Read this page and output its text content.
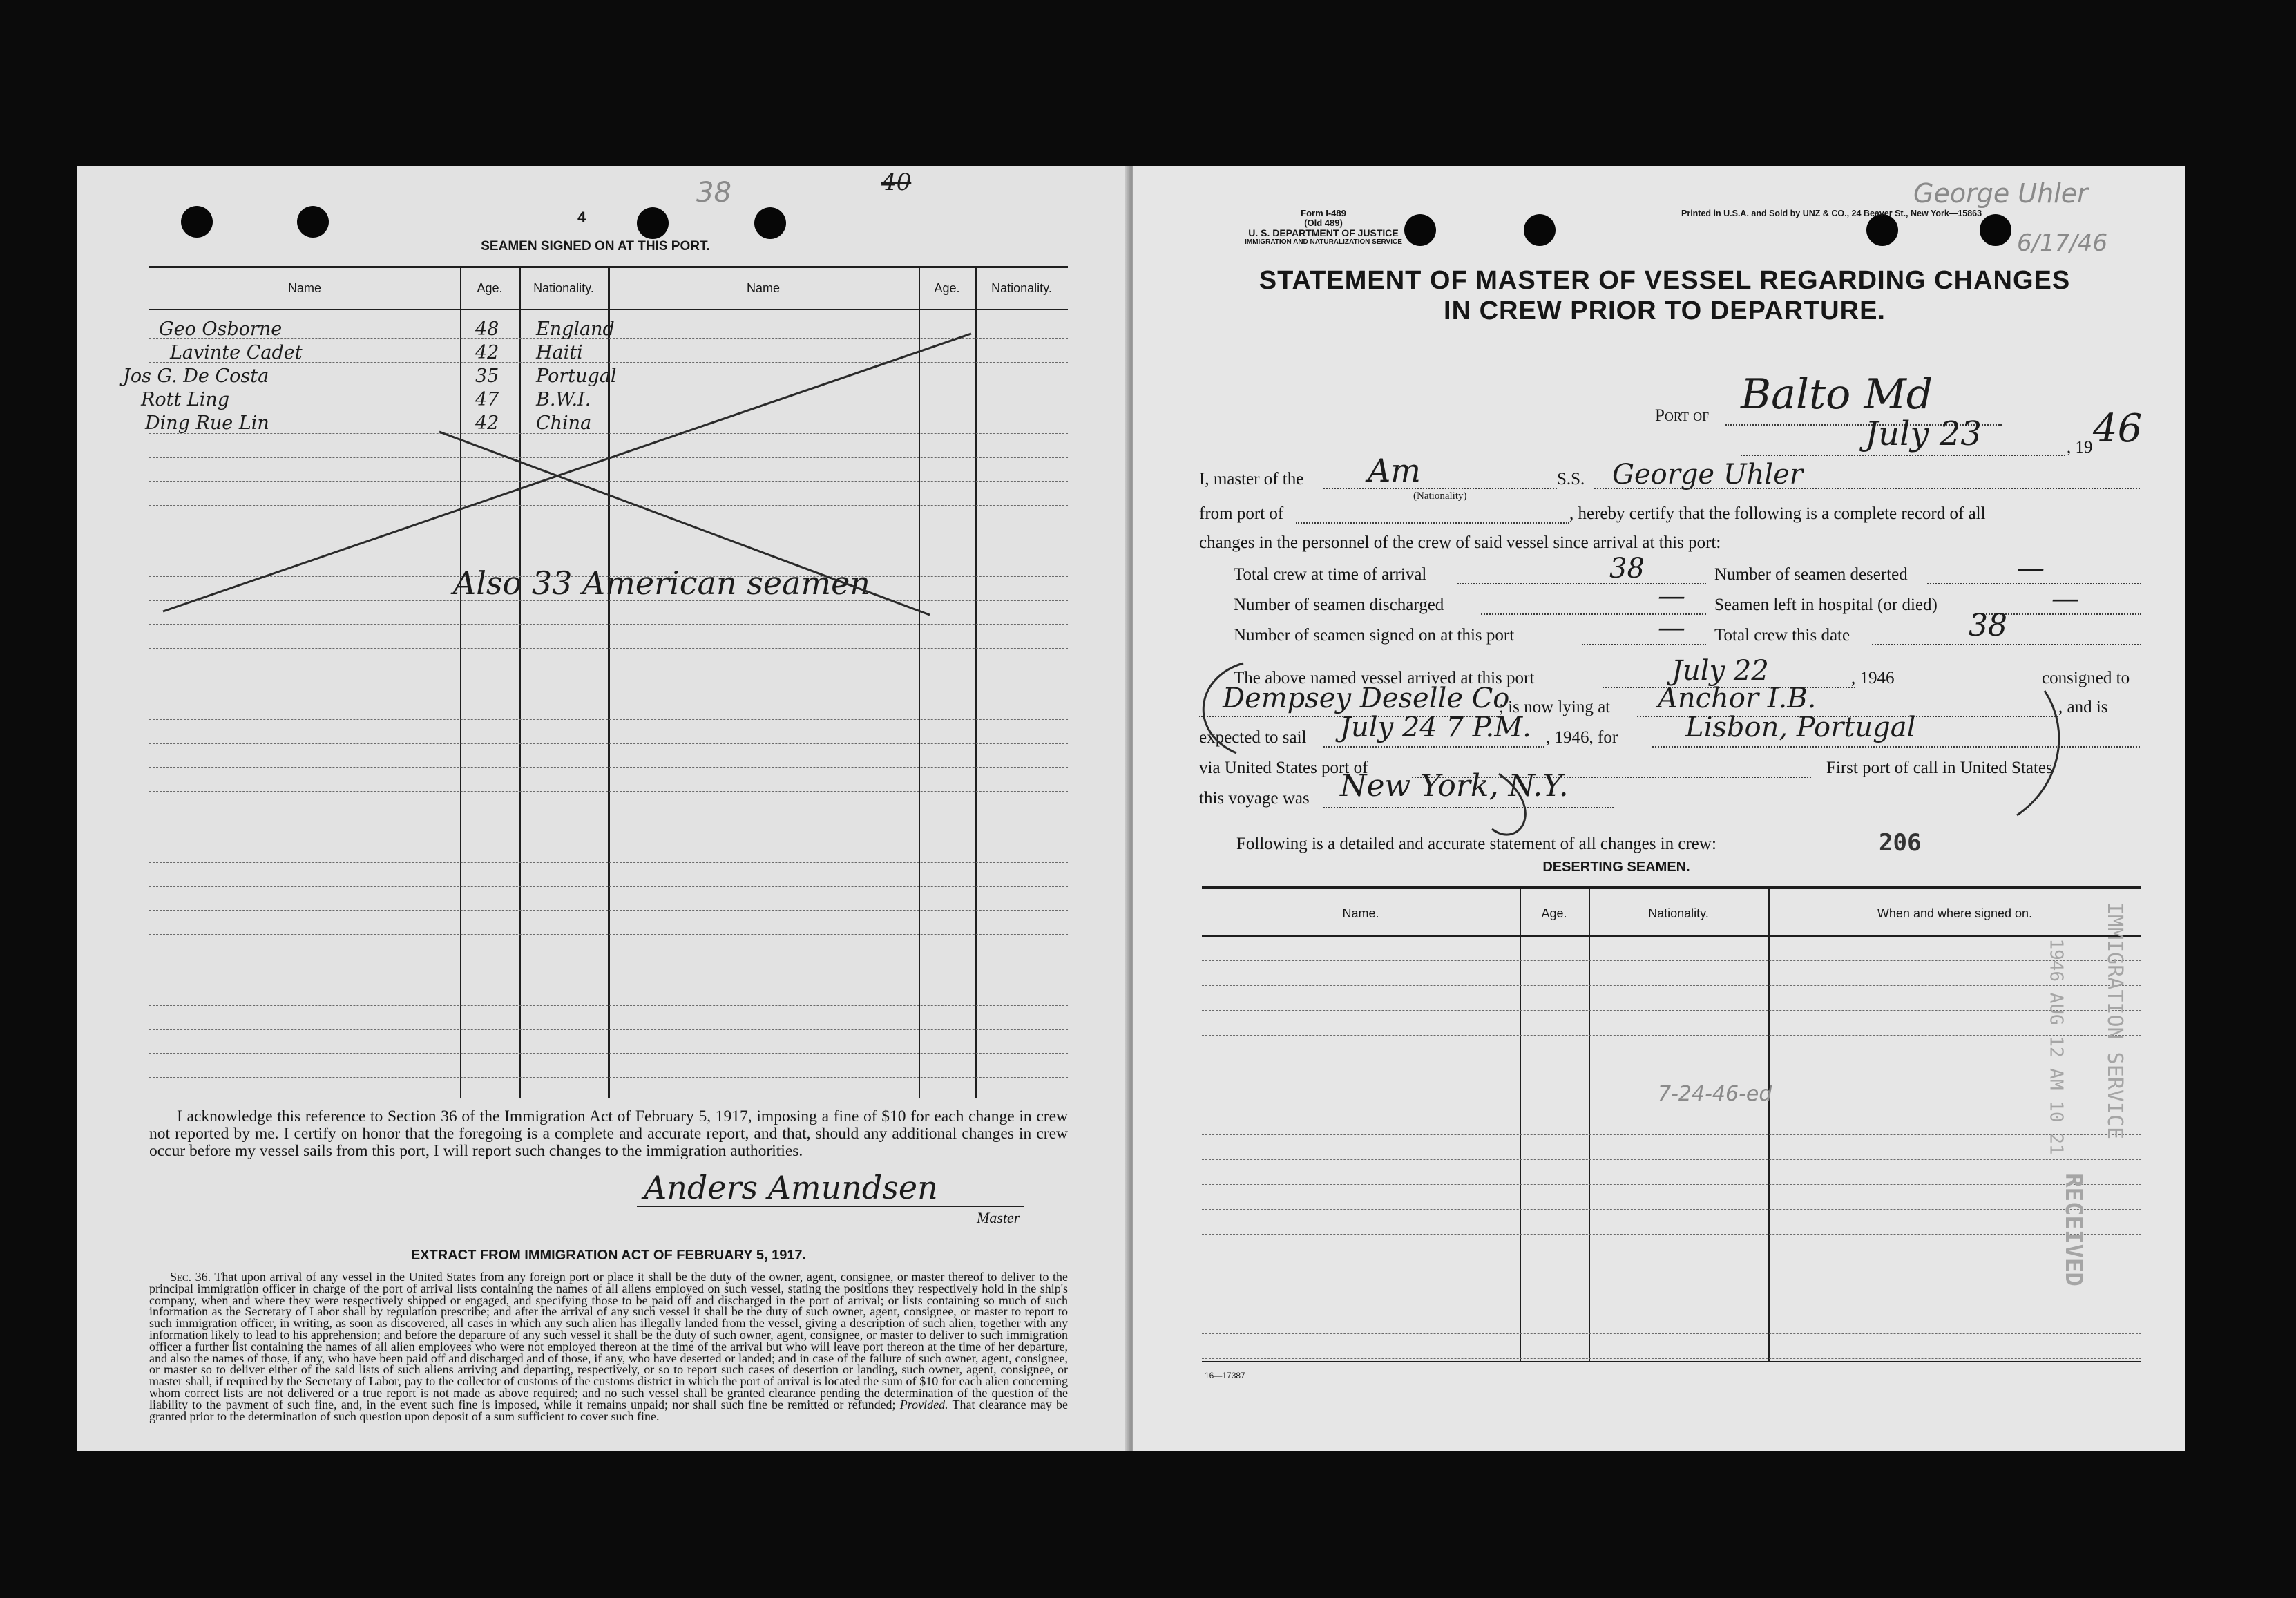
4
38	40
SEAMEN SIGNED ON AT THIS PORT.
Name	Age.	Nationality.	Name	Age.	Nationality.
Geo Osborne	48 England
Lavinte Cadet	42 Haiti
Jos G. De Costa	35 Portugal
Rott Ling	47 B.W.I.
Ding Rue Lin	42 China
Also 33 American seamen

I acknowledge this reference to Section 36 of the Immigration Act of February 5, 1917, imposing a fine of $10 for each change in crew not reported by me. I certify on honor that the foregoing is a complete and accurate report, and that, should any additional changes in crew occur before my vessel sails from this port, I will report such changes to the immigration authorities.

Anders Amundsen
Master
EXTRACT FROM IMMIGRATION ACT OF FEBRUARY 5, 1917.

Sec. 36. That upon arrival of any vessel in the United States from any foreign port or place it shall be the duty of the owner, agent, consignee, or master thereof to deliver to the principal immigration officer in charge of the port of arrival lists containing the names of all aliens employed on such vessel, stating the positions they respectively hold in the ship's company, when and where they were respectively shipped or engaged, and specifying those to be paid off and discharged in the port of arrival; or lists containing so much of such information as the Secretary of Labor shall by regulation prescribe; and after the arrival of any such vessel it shall be the duty of such owner, agent, consignee, or master to report to such immigration officer, in writing, as soon as discovered, all cases in which any such alien has illegally landed from the vessel, giving a description of such alien, together with any information likely to lead to his apprehension; and before the departure of any such vessel it shall be the duty of such owner, agent, consignee, or master to deliver to such immigration officer a further list containing the names of all alien employees who were not employed thereon at the time of the arrival but who will leave port thereon at the time of her departure, and also the names of those, if any, who have been paid off and discharged and of those, if any, who have deserted or landed; and in case of the failure of such owner, agent, consignee, or master so to deliver either of the said lists of such aliens arriving and departing, respectively, or so to report such cases of desertion or landing, such owner, agent, consignee, or master shall, if required by the Secretary of Labor, pay to the collector of customs of the customs district in which the port of arrival is located the sum of $10 for each alien concerning whom correct lists are not delivered or a true report is not made as above required; and no such vessel shall be granted clearance pending the determination of the question of the liability to the payment of such fine, and, in the event such fine is imposed, while it remains unpaid; nor shall such fine be remitted or refunded; Provided. That clearance may be granted prior to the determination of such question upon deposit of a sum sufficient to cover such fine.

Form I-489
(Old 489)
U. S. DEPARTMENT OF JUSTICE
IMMIGRATION AND NATURALIZATION SERVICE
Printed in U.S.A. and Sold by UNZ & CO., 24 Beaver St., New York—15863
George Uhler
6/17/46
STATEMENT OF MASTER OF VESSEL REGARDING CHANGES
IN CREW PRIOR TO DEPARTURE.
Port of Balto Md
July 23	, 19 46
I, master of the Am
(Nationality)
S.S. George Uhler
from port of	, hereby certify that the following is a complete record of all
changes in the personnel of the crew of said vessel since arrival at this port:
Total crew at time of arrival	38	Number of seamen deserted	—
Number of seamen discharged	— Seamen left in hospital (or died)	—
Number of seamen signed on at this port	— Total crew this date	38
The above named vessel arrived at this port	July 22	, 1946	consigned to
Dempsey Deselle Co
; is now lying at Anchor I.B.	, and is
expected to sail July 24 7 P.M. , 1946, for Lisbon, Portugal
via United States port of	First port of call in United States
this voyage was New York, N.Y.
Following is a detailed and accurate statement of all changes in crew:	206
DESERTING SEAMEN.
Name.	Age.	Nationality.	When and where signed on.
7-24-46-ed	1946 AUG 12 AM 10 21 IMMIGRATION SERVICE
RECEIVED
16—17387
